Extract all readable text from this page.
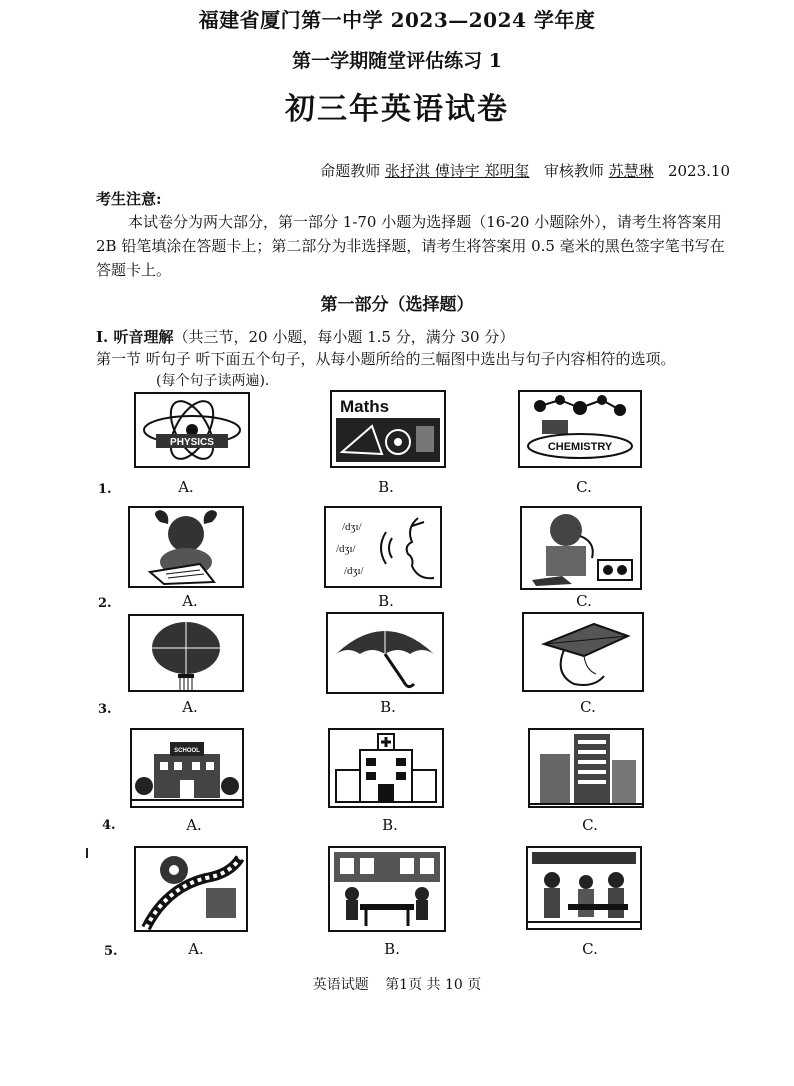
福建省厦门第一中学 2023—2024 学年度
第一学期随堂评估练习 1
初三年英语试卷
命题教师 张抒淇 傅诗宇 郑明玺 审核教师 苏慧琳 2023.10
考生注意:
本试卷分为两大部分，第一部分 1-70 小题为选择题（16-20 小题除外），请考生将答案用 2B 铅笔填涂在答题卡上；第二部分为非选择题，请考生将答案用 0.5 毫米的黑色签字笔书写在答题卡上。
第一部分（选择题）
I. 听音理解（共三节，20 小题，每小题 1.5 分，满分 30 分）
第一节 听句子 听下面五个句子，从每小题所给的三幅图中选出与句子内容相符的选项。
(每个句子读两遍).
PHYSICS
Maths
CHEMISTRY
1.	A.	B.	C.
/dʒɪ/
/dʒɪ/
/dʒɪ/
2.	A.	B.	C.
3.	A.	B.	C.
SCHOOL
4.	A.	B.	C.
5.	A.	B.	C.
英语试题 第1页 共 10 页
